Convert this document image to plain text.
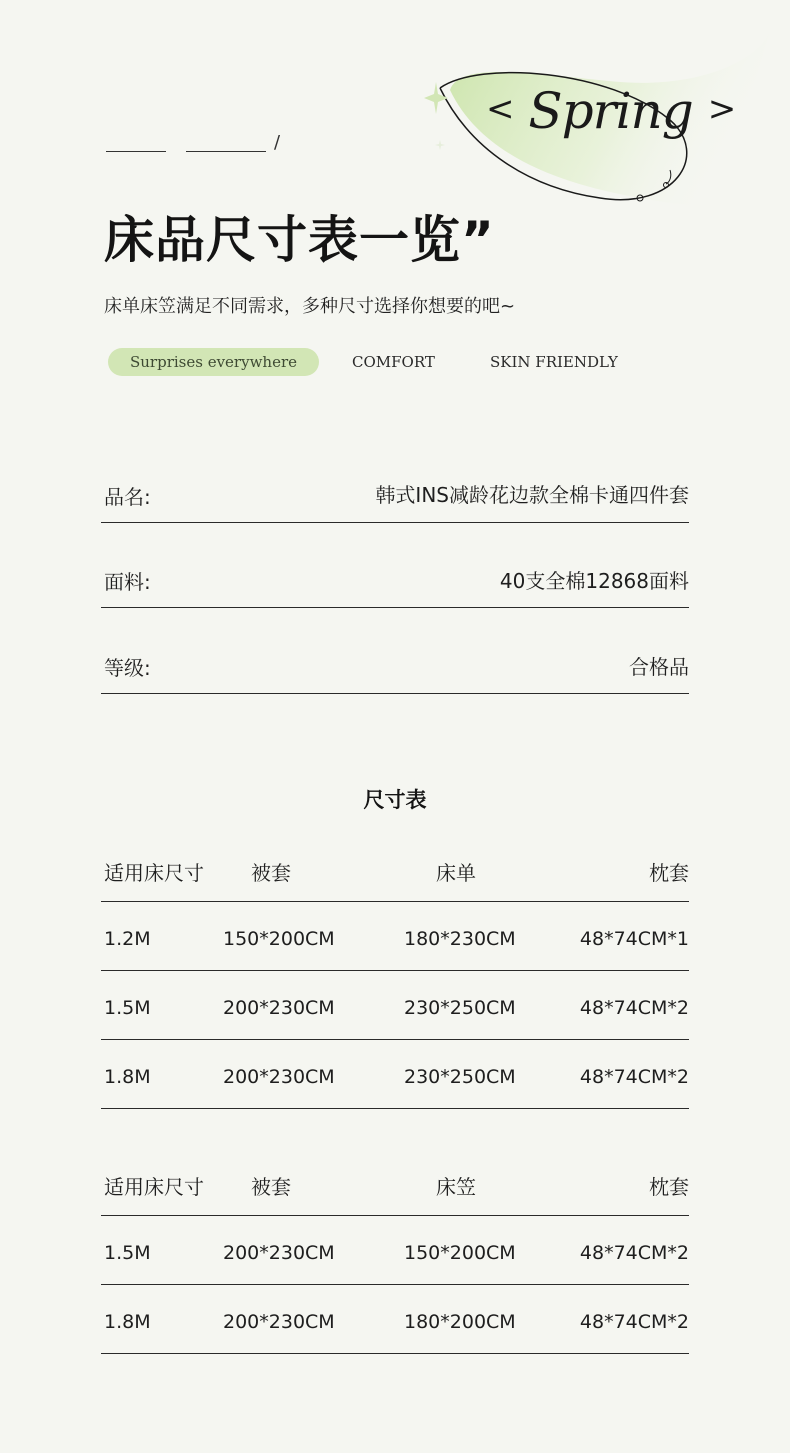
/
< Spring >
床品尺寸表一览”
床单床笠满足不同需求，多种尺寸选择你想要的吧~
Surprises everywhere	COMFORT	SKIN FRIENDLY
品名:	韩式INS减龄花边款全棉卡通四件套
面料:	40支全棉12868面料
等级:	合格品
尺寸表
适用床尺寸 被套	床单	枕套
1.2M	150*200CM	180*230CM	48*74CM*1
1.5M	200*230CM	230*250CM	48*74CM*2
1.8M	200*230CM	230*250CM	48*74CM*2
适用床尺寸 被套	床笠	枕套
1.5M	200*230CM	150*200CM	48*74CM*2
1.8M	200*230CM	180*200CM	48*74CM*2
